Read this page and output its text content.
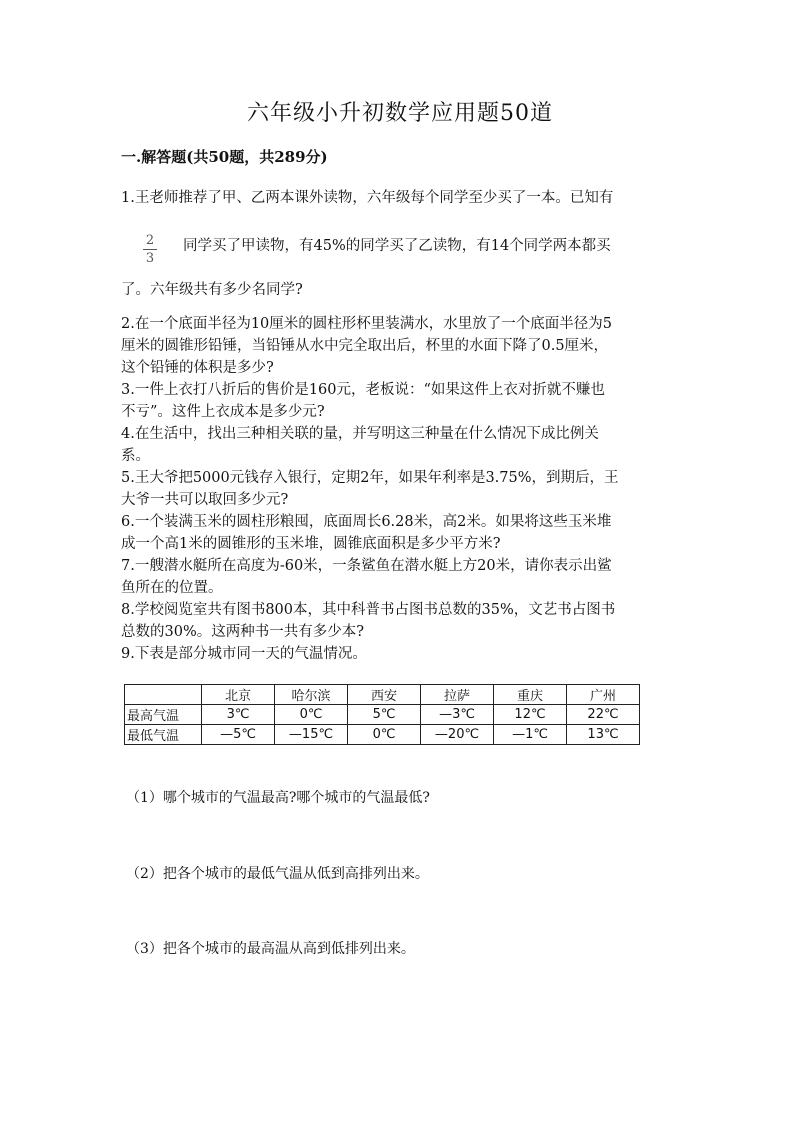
六年级小升初数学应用题50道
一.解答题(共50题，共289分)
1.王老师推荐了甲、乙两本课外读物，六年级每个同学至少买了一本。已知有
2
3
同学买了甲读物，有45%的同学买了乙读物，有14个同学两本都买
了。六年级共有多少名同学?
2.在一个底面半径为10厘米的圆柱形杯里装满水，水里放了一个底面半径为5
厘米的圆锥形铅锤，当铅锤从水中完全取出后，杯里的水面下降了0.5厘米，
这个铅锤的体积是多少?
3.一件上衣打八折后的售价是160元，老板说：“如果这件上衣对折就不赚也
不亏”。这件上衣成本是多少元?
4.在生活中，找出三种相关联的量，并写明这三种量在什么情况下成比例关
系。
5.王大爷把5000元钱存入银行，定期2年，如果年利率是3.75%，到期后，王
大爷一共可以取回多少元?
6.一个装满玉米的圆柱形粮囤，底面周长6.28米，高2米。如果将这些玉米堆
成一个高1米的圆锥形的玉米堆，圆锥底面积是多少平方米?
7.一艘潜水艇所在高度为-60米，一条鲨鱼在潜水艇上方20米，请你表示出鲨
鱼所在的位置。
8.学校阅览室共有图书800本，其中科普书占图书总数的35%，文艺书占图书
总数的30%。这两种书一共有多少本?
9.下表是部分城市同一天的气温情况。
	北京	哈尔滨	西安	拉萨	重庆	广州
最高气温	3℃	0℃	5℃	—3℃	12℃	22℃
最低气温	—5℃	—15℃	0℃	—20℃	—1℃	13℃
（1）哪个城市的气温最高?哪个城市的气温最低?
（2）把各个城市的最低气温从低到高排列出来。
（3）把各个城市的最高温从高到低排列出来。
